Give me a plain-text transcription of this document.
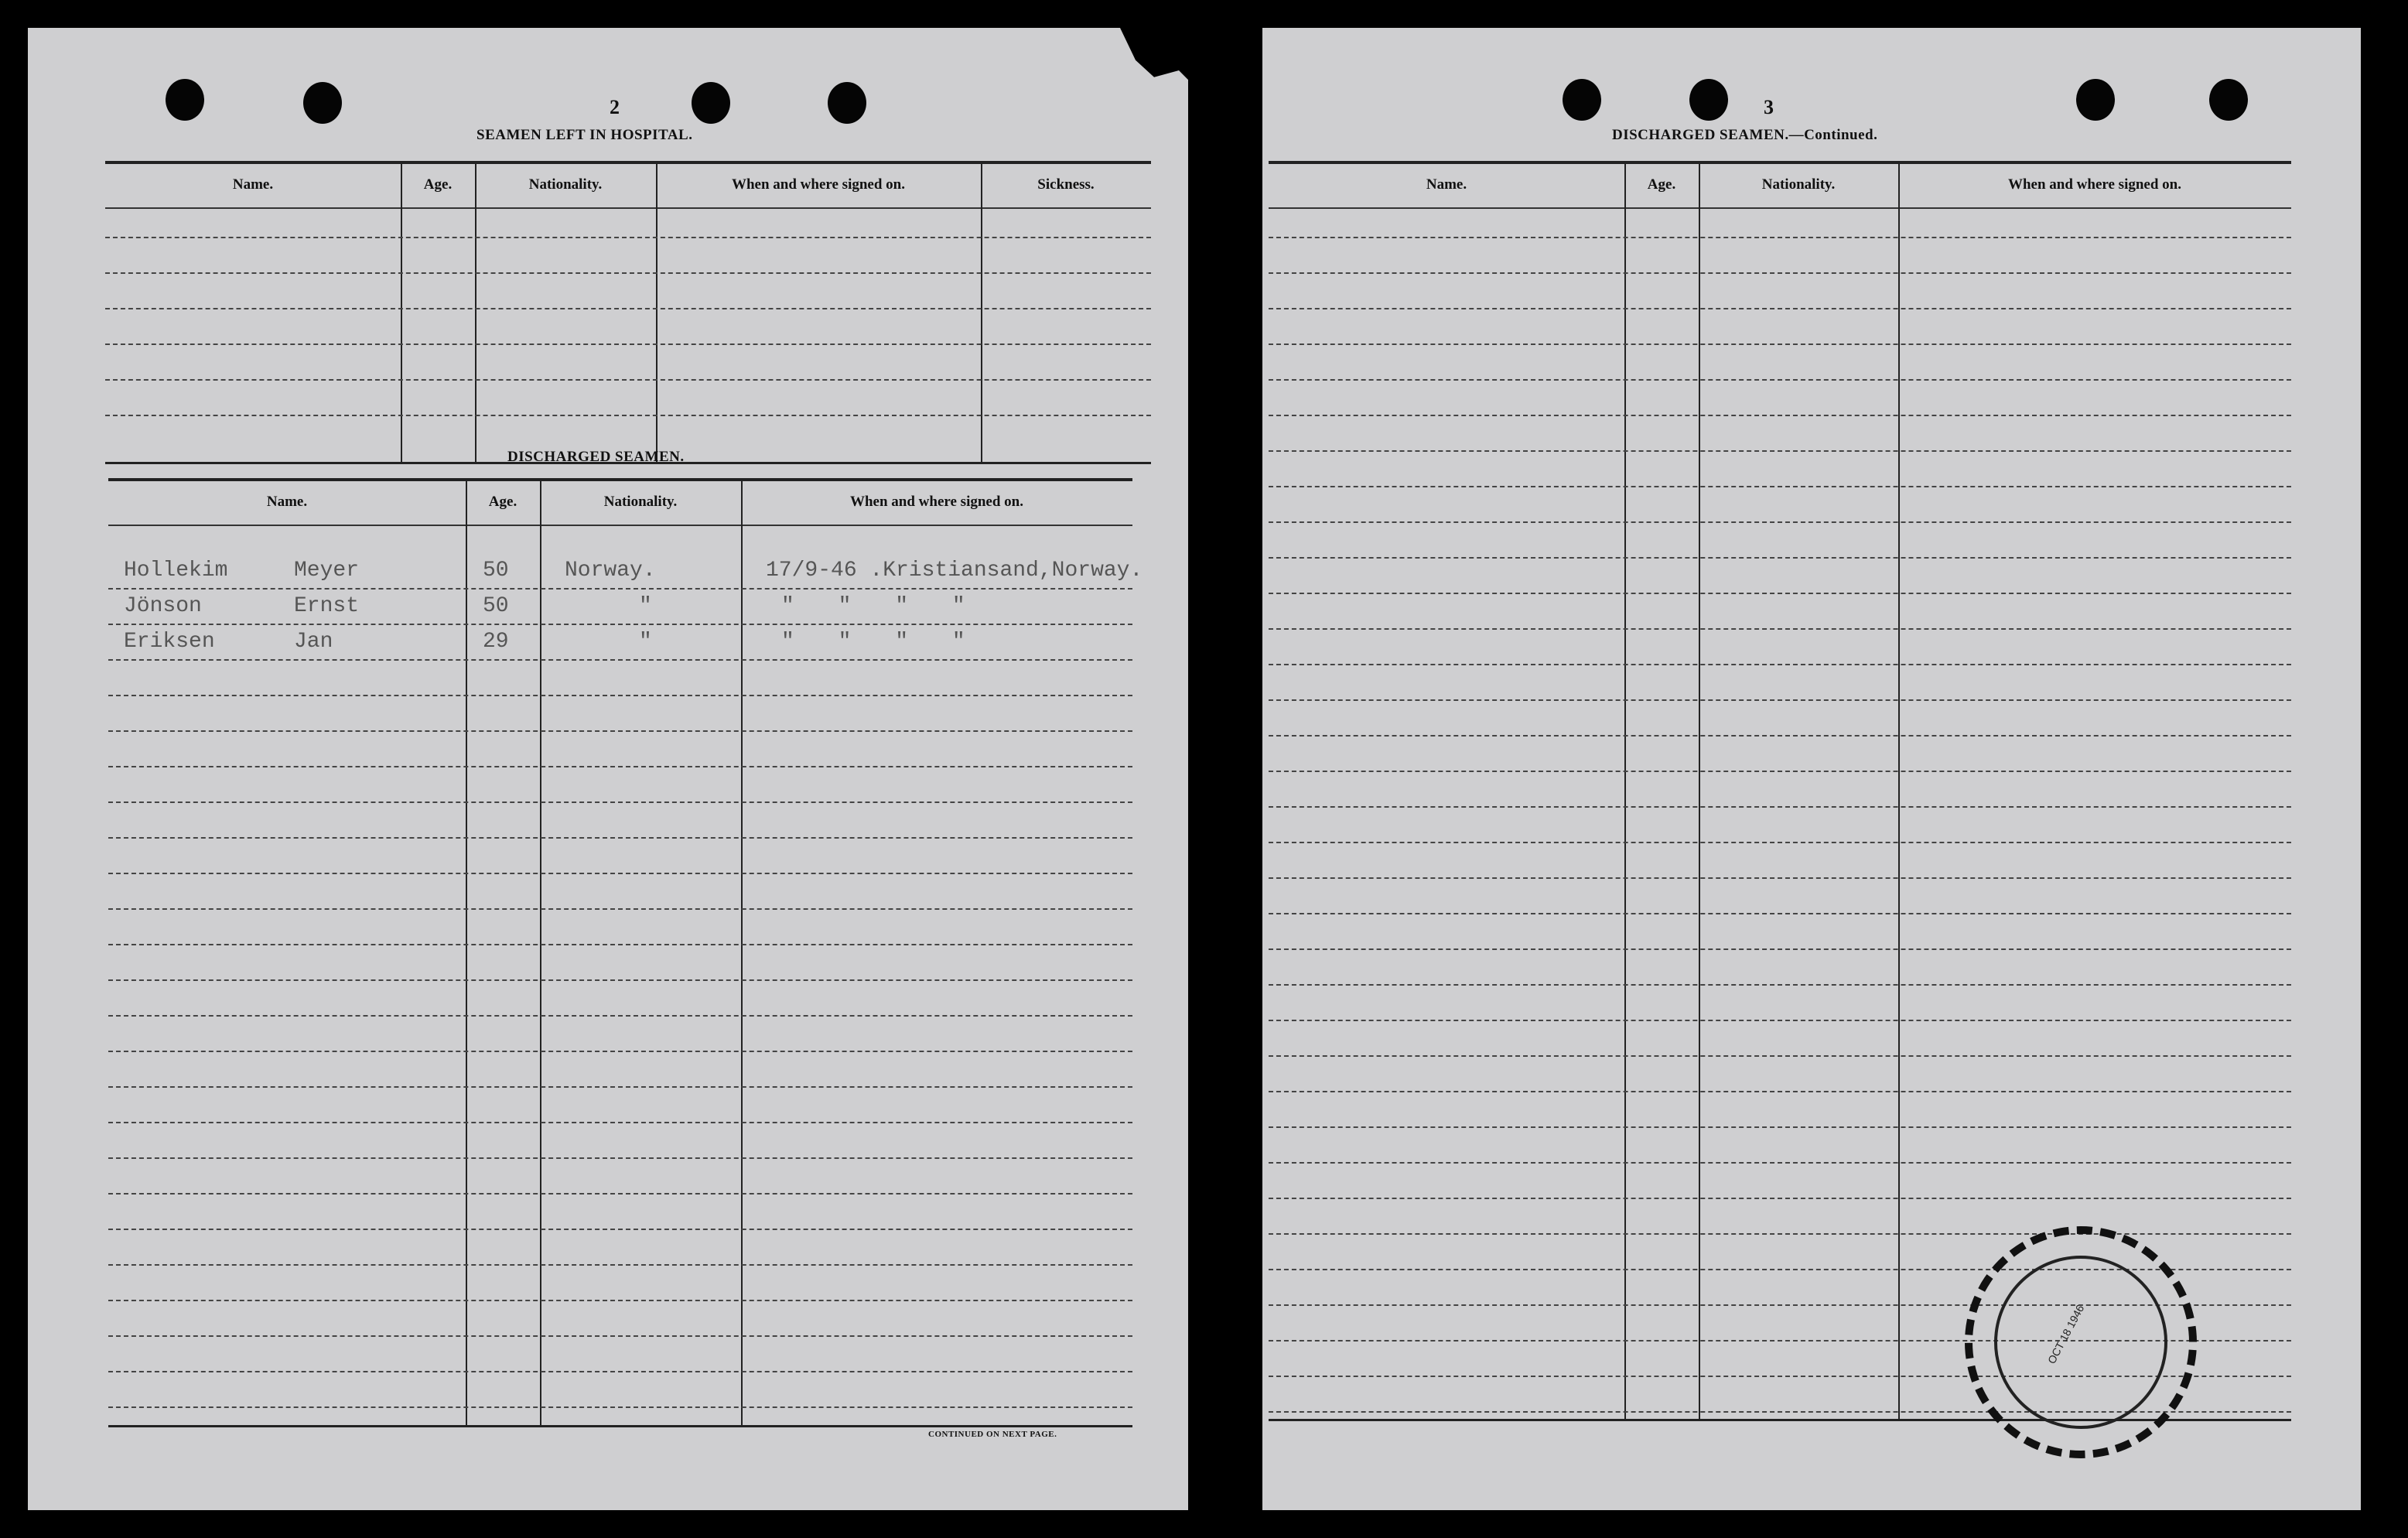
2
SEAMEN LEFT IN HOSPITAL.
Name.	Age.	Nationality.	When and where signed on.	Sickness.
DISCHARGED SEAMEN.
Name.	Age.	Nationality.	When and where signed on.
Hollekim	Meyer	50	Norway.	17/9-46 .Kristiansand,Norway.
Jönson	Ernst	50	"	" " " "
Eriksen	Jan	29	"	" " " "
CONTINUED ON NEXT PAGE.
3
DISCHARGED SEAMEN.—Continued.
Name.	Age.	Nationality.	When and where signed on.
OCT 18 1946
